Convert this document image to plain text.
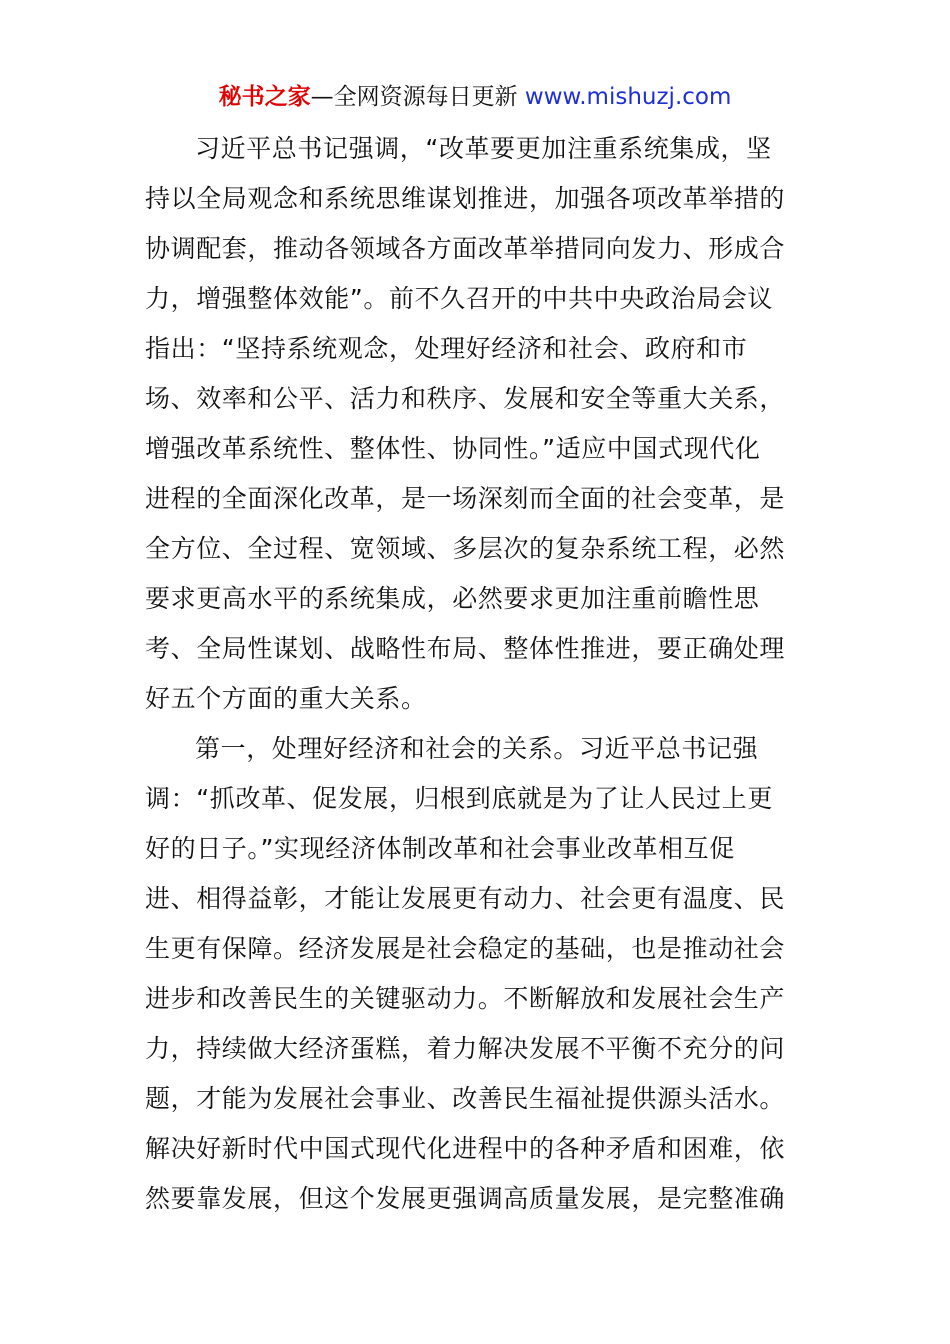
秘书之家—全网资源每日更新 www.mishuzj.com

习近平总书记强调，“改革要更加注重系统集成，坚
持以全局观念和系统思维谋划推进，加强各项改革举措的
协调配套，推动各领域各方面改革举措同向发力、形成合
力，增强整体效能”。前不久召开的中共中央政治局会议
指出：“坚持系统观念，处理好经济和社会、政府和市
场、效率和公平、活力和秩序、发展和安全等重大关系，
增强改革系统性、整体性、协同性。”适应中国式现代化
进程的全面深化改革，是一场深刻而全面的社会变革，是
全方位、全过程、宽领域、多层次的复杂系统工程，必然
要求更高水平的系统集成，必然要求更加注重前瞻性思
考、全局性谋划、战略性布局、整体性推进，要正确处理
好五个方面的重大关系。

第一，处理好经济和社会的关系。习近平总书记强
调：“抓改革、促发展，归根到底就是为了让人民过上更
好的日子。”实现经济体制改革和社会事业改革相互促
进、相得益彰，才能让发展更有动力、社会更有温度、民
生更有保障。经济发展是社会稳定的基础，也是推动社会
进步和改善民生的关键驱动力。不断解放和发展社会生产
力，持续做大经济蛋糕，着力解决发展不平衡不充分的问
题，才能为发展社会事业、改善民生福祉提供源头活水。
解决好新时代中国式现代化进程中的各种矛盾和困难，依
然要靠发展，但这个发展更强调高质量发展，是完整准确
